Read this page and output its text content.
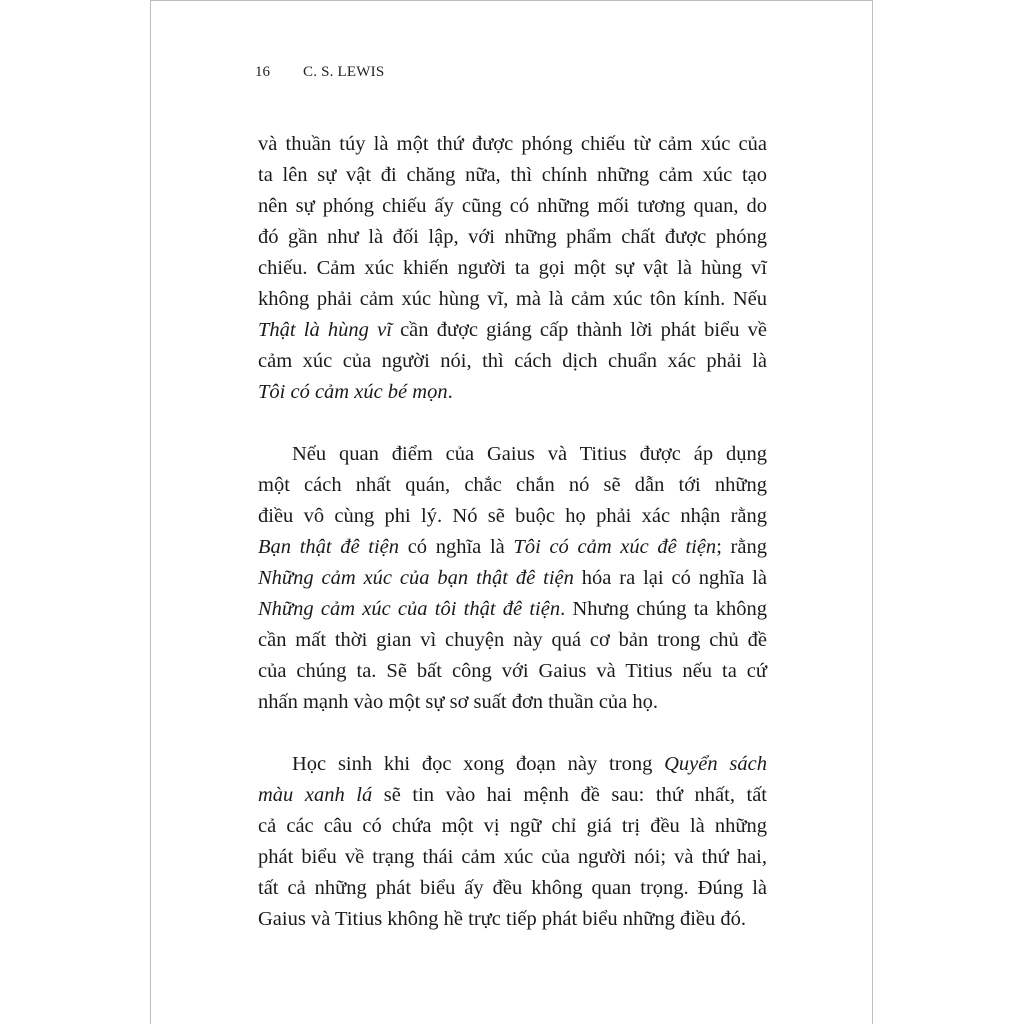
16 C. S. LEWIS
và thuần túy là một thứ được phóng chiếu từ cảm xúc của
ta lên sự vật đi chăng nữa, thì chính những cảm xúc tạo
nên sự phóng chiếu ấy cũng có những mối tương quan, do
đó gần như là đối lập, với những phẩm chất được phóng
chiếu. Cảm xúc khiến người ta gọi một sự vật là hùng vĩ
không phải cảm xúc hùng vĩ, mà là cảm xúc tôn kính. Nếu
Thật là hùng vĩ cần được giáng cấp thành lời phát biểu về
cảm xúc của người nói, thì cách dịch chuẩn xác phải là
Tôi có cảm xúc bé mọn.
Nếu quan điểm của Gaius và Titius được áp dụng
một cách nhất quán, chắc chắn nó sẽ dẫn tới những
điều vô cùng phi lý. Nó sẽ buộc họ phải xác nhận rằng
Bạn thật đê tiện có nghĩa là Tôi có cảm xúc đê tiện; rằng
Những cảm xúc của bạn thật đê tiện hóa ra lại có nghĩa là
Những cảm xúc của tôi thật đê tiện. Nhưng chúng ta không
cần mất thời gian vì chuyện này quá cơ bản trong chủ đề
của chúng ta. Sẽ bất công với Gaius và Titius nếu ta cứ
nhấn mạnh vào một sự sơ suất đơn thuần của họ.
Học sinh khi đọc xong đoạn này trong Quyển sách
màu xanh lá sẽ tin vào hai mệnh đề sau: thứ nhất, tất
cả các câu có chứa một vị ngữ chỉ giá trị đều là những
phát biểu về trạng thái cảm xúc của người nói; và thứ hai,
tất cả những phát biểu ấy đều không quan trọng. Đúng là
Gaius và Titius không hề trực tiếp phát biểu những điều đó.
